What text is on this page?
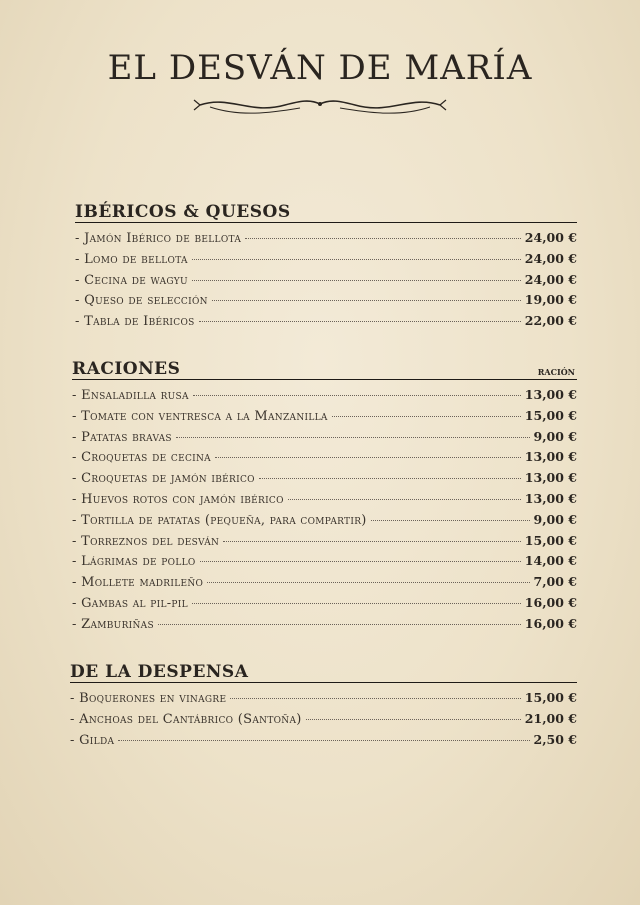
EL DESVÁN DE MARÍA
IBÉRICOS & QUESOS
- Jamón Ibérico de bellota	24,00 €
- Lomo de bellota	24,00 €
- Cecina de wagyu	24,00 €
- Queso de selección	19,00 €
- Tabla de Ibéricos	22,00 €
RACIONES	ración
- Ensaladilla rusa	13,00 €
- Tomate con ventresca a la Manzanilla	15,00 €
- Patatas bravas	9,00 €
- Croquetas de cecina	13,00 €
- Croquetas de jamón ibérico	13,00 €
- Huevos rotos con jamón ibérico	13,00 €
- Tortilla de patatas (pequeña, para compartir)	9,00 €
- Torreznos del desván	15,00 €
- Lágrimas de pollo	14,00 €
- Mollete madrileño	7,00 €
- Gambas al pil-pil	16,00 €
- Zamburiñas	16,00 €
DE LA DESPENSA
- Boquerones en vinagre	15,00 €
- Anchoas del Cantábrico (Santoña)	21,00 €
- Gilda	2,50 €
